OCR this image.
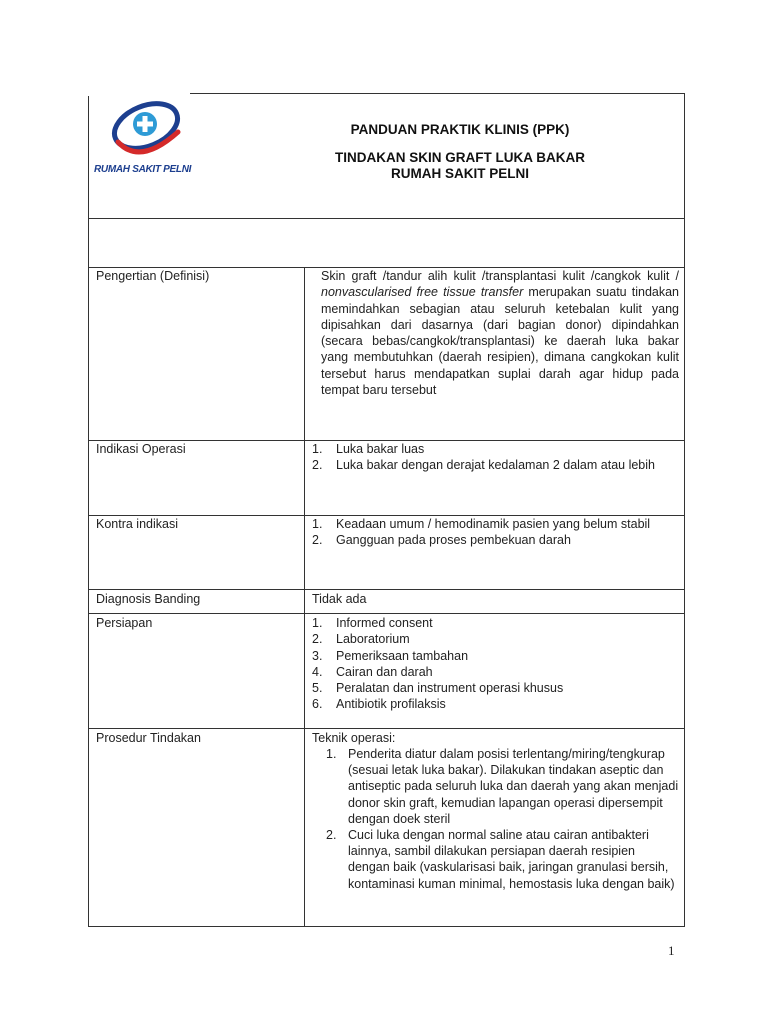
RUMAH SAKIT PELNI
PANDUAN PRAKTIK KLINIS (PPK)
TINDAKAN SKIN GRAFT LUKA BAKAR
RUMAH SAKIT PELNI
Pengertian (Definisi)	Skin graft /tandur alih kulit /transplantasi kulit /cangkok kulit / nonvascularised free tissue transfer merupakan suatu tindakan memindahkan sebagian atau seluruh ketebalan kulit yang dipisahkan dari dasarnya (dari bagian donor) dipindahkan (secara bebas/cangkok/transplantasi) ke daerah luka bakar yang membutuhkan (daerah resipien), dimana cangkokan kulit tersebut harus mendapatkan suplai darah agar hidup pada tempat baru tersebut

Indikasi Operasi	1. Luka bakar luas
2. Luka bakar dengan derajat kedalaman 2 dalam atau lebih
Kontra indikasi	1. Keadaan umum / hemodinamik pasien yang belum stabil
2. Gangguan pada proses pembekuan darah
Diagnosis Banding	Tidak ada
Persiapan	1. Informed consent
2. Laboratorium
3. Pemeriksaan tambahan
4. Cairan dan darah
5. Peralatan dan instrument operasi khusus
6. Antibiotik profilaksis
Prosedur Tindakan	Teknik operasi:
1. Penderita diatur dalam posisi terlentang/miring/tengkurap (sesuai letak luka bakar). Dilakukan tindakan aseptic dan antiseptic pada seluruh luka dan daerah yang akan menjadi donor skin graft, kemudian lapangan operasi dipersempit dengan doek steril
2. Cuci luka dengan normal saline atau cairan antibakteri lainnya, sambil dilakukan persiapan daerah resipien dengan baik (vaskularisasi baik, jaringan granulasi bersih, kontaminasi kuman minimal, hemostasis luka dengan baik)
1
